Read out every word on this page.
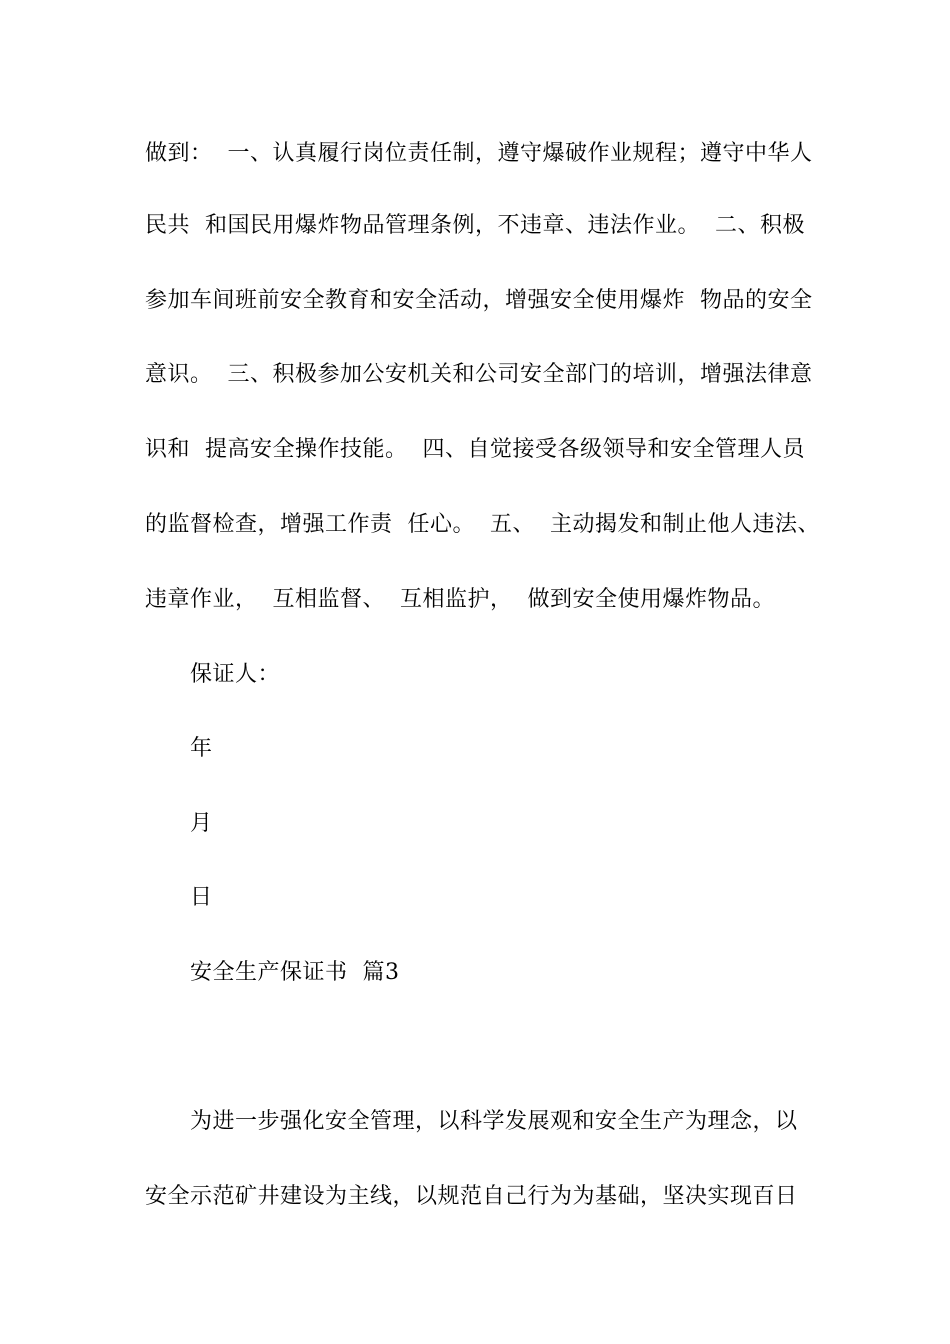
做到：  一、认真履行岗位责任制，遵守爆破作业规程；遵守中华人
民共  和国民用爆炸物品管理条例，不违章、违法作业。  二、积极
参加车间班前安全教育和安全活动，增强安全使用爆炸  物品的安全
意识。  三、积极参加公安机关和公司安全部门的培训，增强法律意
识和  提高安全操作技能。  四、自觉接受各级领导和安全管理人员
的监督检查，增强工作责  任心。  五、  主动揭发和制止他人违法、
违章作业，  互相监督、  互相监护，  做到安全使用爆炸物品。
保证人：
年
月
日
安全生产保证书  篇3
为进一步强化安全管理，以科学发展观和安全生产为理念，以
安全示范矿井建设为主线，以规范自己行为为基础，坚决实现百日
